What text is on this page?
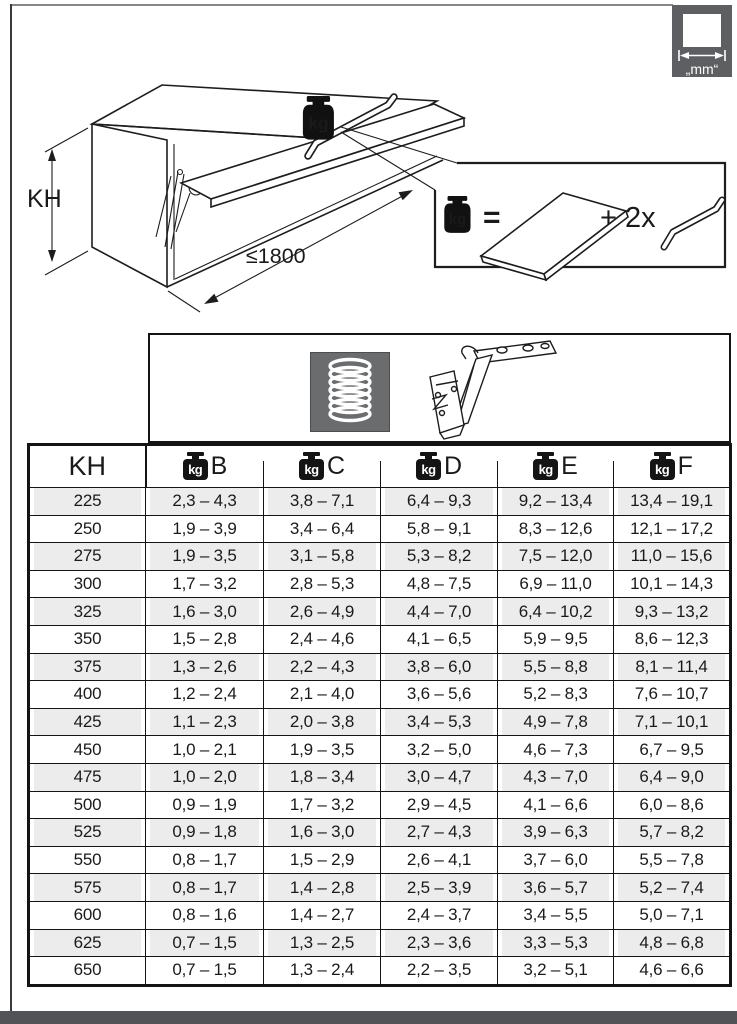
„mm“
kg
KH
≤1800
=	+ 2x
KH	kg B	kg C	kg D	kg E	kg F
225	2,3 – 4,3	3,8 – 7,1	6,4 – 9,3	9,2 – 13,4	13,4 – 19,1
250	1,9 – 3,9	3,4 – 6,4	5,8 – 9,1	8,3 – 12,6	12,1 – 17,2
275	1,9 – 3,5	3,1 – 5,8	5,3 – 8,2	7,5 – 12,0	11,0 – 15,6
300	1,7 – 3,2	2,8 – 5,3	4,8 – 7,5	6,9 – 11,0	10,1 – 14,3
325	1,6 – 3,0	2,6 – 4,9	4,4 – 7,0	6,4 – 10,2	9,3 – 13,2
350	1,5 – 2,8	2,4 – 4,6	4,1 – 6,5	5,9 – 9,5	8,6 – 12,3
375	1,3 – 2,6	2,2 – 4,3	3,8 – 6,0	5,5 – 8,8	8,1 – 11,4
400	1,2 – 2,4	2,1 – 4,0	3,6 – 5,6	5,2 – 8,3	7,6 – 10,7
425	1,1 – 2,3	2,0 – 3,8	3,4 – 5,3	4,9 – 7,8	7,1 – 10,1
450	1,0 – 2,1	1,9 – 3,5	3,2 – 5,0	4,6 – 7,3	6,7 – 9,5
475	1,0 – 2,0	1,8 – 3,4	3,0 – 4,7	4,3 – 7,0	6,4 – 9,0
500	0,9 – 1,9	1,7 – 3,2	2,9 – 4,5	4,1 – 6,6	6,0 – 8,6
525	0,9 – 1,8	1,6 – 3,0	2,7 – 4,3	3,9 – 6,3	5,7 – 8,2
550	0,8 – 1,7	1,5 – 2,9	2,6 – 4,1	3,7 – 6,0	5,5 – 7,8
575	0,8 – 1,7	1,4 – 2,8	2,5 – 3,9	3,6 – 5,7	5,2 – 7,4
600	0,8 – 1,6	1,4 – 2,7	2,4 – 3,7	3,4 – 5,5	5,0 – 7,1
625	0,7 – 1,5	1,3 – 2,5	2,3 – 3,6	3,3 – 5,3	4,8 – 6,8
650	0,7 – 1,5	1,3 – 2,4	2,2 – 3,5	3,2 – 5,1	4,6 – 6,6
